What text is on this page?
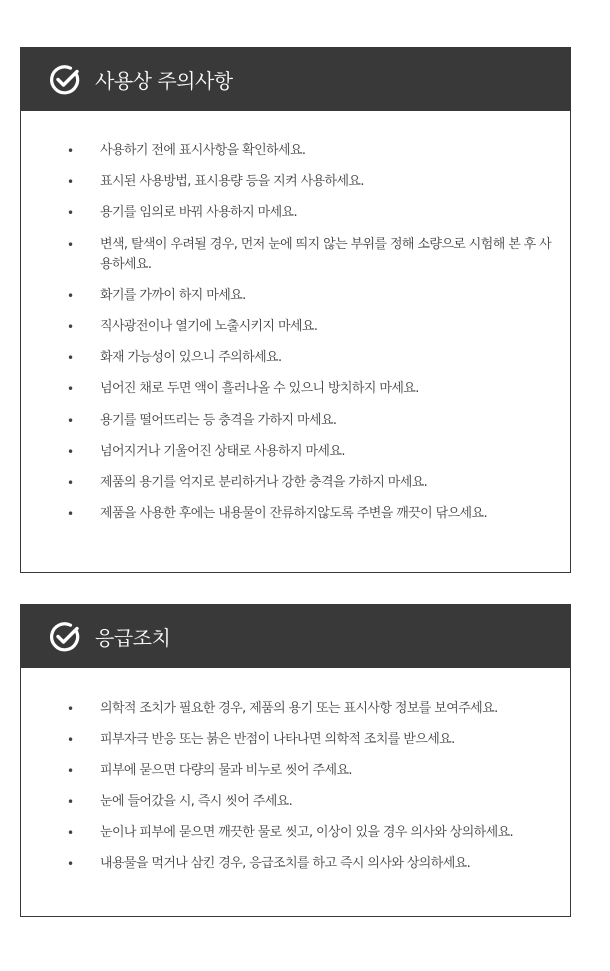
사용상 주의사항
• 사용하기 전에 표시사항을 확인하세요.
• 표시된 사용방법, 표시용량 등을 지켜 사용하세요.
• 용기를 임의로 바꿔 사용하지 마세요.
• 변색, 탈색이 우려될 경우, 먼저 눈에 띄지 않는 부위를 정해 소량으로 시험해 본 후 사용하세요.
• 화기를 가까이 하지 마세요.
• 직사광전이나 열기에 노출시키지 마세요.
• 화재 가능성이 있으니 주의하세요.
• 넘어진 채로 두면 액이 흘러나올 수 있으니 방치하지 마세요.
• 용기를 떨어뜨리는 등 충격을 가하지 마세요.
• 넘어지거나 기울어진 상태로 사용하지 마세요.
• 제품의 용기를 억지로 분리하거나 강한 충격을 가하지 마세요.
• 제품을 사용한 후에는 내용물이 잔류하지않도록 주변을 깨끗이 닦으세요.
응급조치
• 의학적 조치가 필요한 경우, 제품의 용기 또는 표시사항 정보를 보여주세요.
• 피부자극 반응 또는 붉은 반점이 나타나면 의학적 조치를 받으세요.
• 피부에 묻으면 다량의 물과 비누로 씻어 주세요.
• 눈에 들어갔을 시, 즉시 씻어 주세요.
• 눈이나 피부에 묻으면 깨끗한 물로 씻고, 이상이 있을 경우 의사와 상의하세요.
• 내용물을 먹거나 삼킨 경우, 응급조치를 하고 즉시 의사와 상의하세요.
